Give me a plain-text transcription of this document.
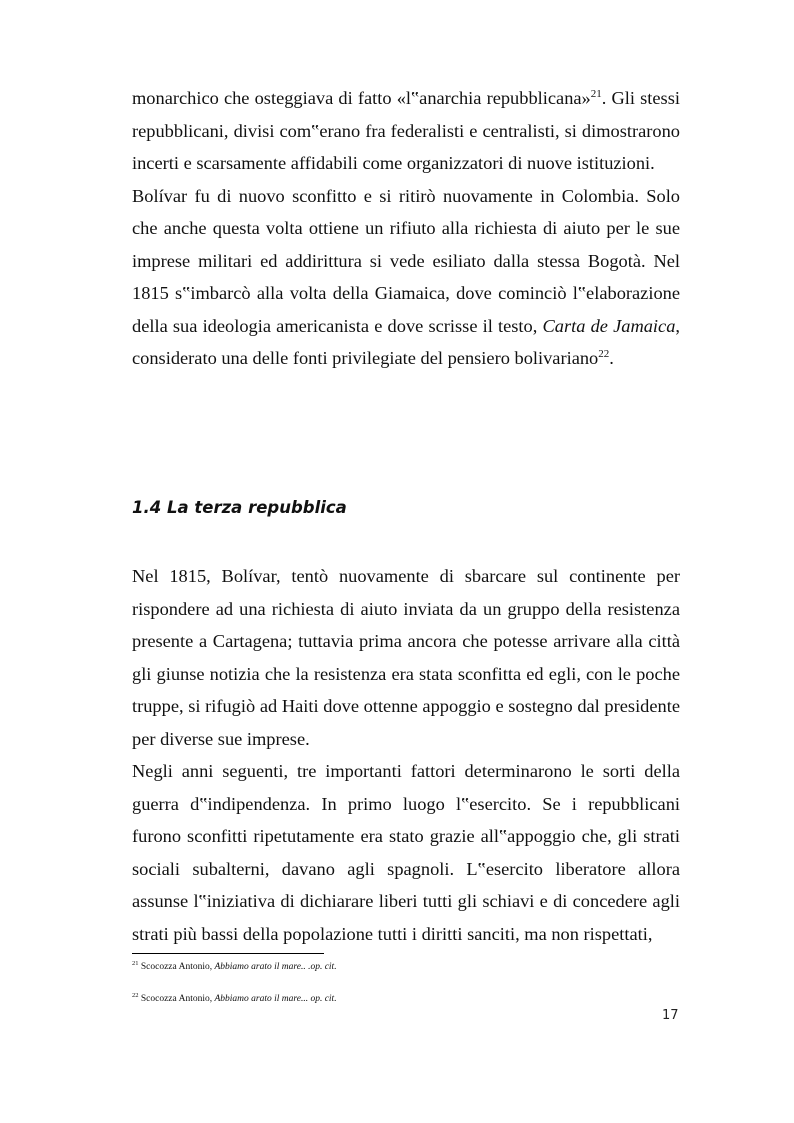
monarchico che osteggiava di fatto «l‟anarchia repubblicana»$^{21}$. Gli stessi repubblicani, divisi com‟erano fra federalisti e centralisti, si dimostrarono incerti e scarsamente affidabili come organizzatori di nuove istituzioni.

Bolívar fu di nuovo sconfitto e si ritirò nuovamente in Colombia. Solo che anche questa volta ottiene un rifiuto alla richiesta di aiuto per le sue imprese militari ed addirittura si vede esiliato dalla stessa Bogotà. Nel 1815 s‟imbarcò alla volta della Giamaica, dove cominciò l‟elaborazione della sua ideologia americanista e dove scrisse il testo, Carta de Jamaica, considerato una delle fonti privilegiate del pensiero bolivariano$^{22}$.

1.4 La terza repubblica

Nel 1815, Bolívar, tentò nuovamente di sbarcare sul continente per rispondere ad una richiesta di aiuto inviata da un gruppo della resistenza presente a Cartagena; tuttavia prima ancora che potesse arrivare alla città gli giunse notizia che la resistenza era stata sconfitta ed egli, con le poche truppe, si rifugiò ad Haiti dove ottenne appoggio e sostegno dal presidente per diverse sue imprese.

Negli anni seguenti, tre importanti fattori determinarono le sorti della guerra d‟indipendenza. In primo luogo l‟esercito. Se i repubblicani furono sconfitti ripetutamente era stato grazie all‟appoggio che, gli strati sociali subalterni, davano agli spagnoli. L‟esercito liberatore allora assunse l‟iniziativa di dichiarare liberi tutti gli schiavi e di concedere agli strati più bassi della popolazione tutti i diritti sanciti, ma non rispettati,

$^{21}$ Scocozza Antonio, Abbiamo arato il mare.. .op. cit.

$^{22}$ Scocozza Antonio, Abbiamo arato il mare... op. cit.

17
